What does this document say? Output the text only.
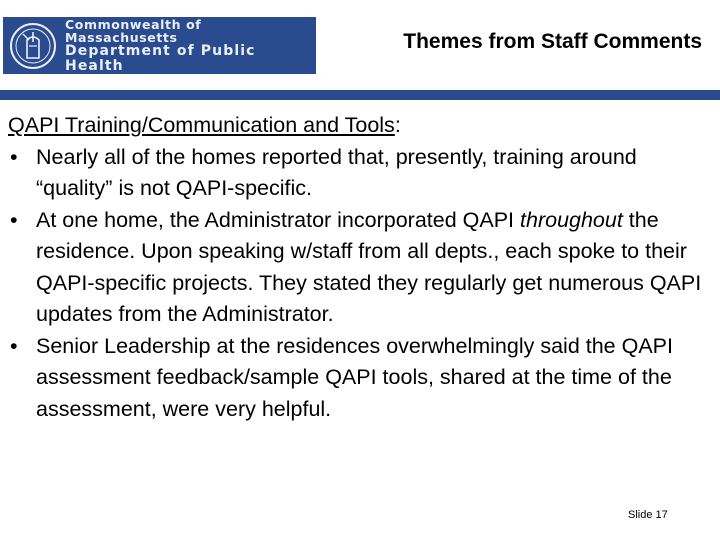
Commonwealth of Massachusetts
Department of Public Health
Themes from Staff Comments
QAPI Training/Communication and Tools:
• Nearly all of the homes reported that, presently, training around “quality” is not QAPI-specific.
• At one home, the Administrator incorporated QAPI throughout the residence. Upon speaking w/staff from all depts., each spoke to their QAPI-specific projects. They stated they regularly get numerous QAPI updates from the Administrator.
• Senior Leadership at the residences overwhelmingly said the QAPI assessment feedback/sample QAPI tools, shared at the time of the assessment, were very helpful.
Slide 17
